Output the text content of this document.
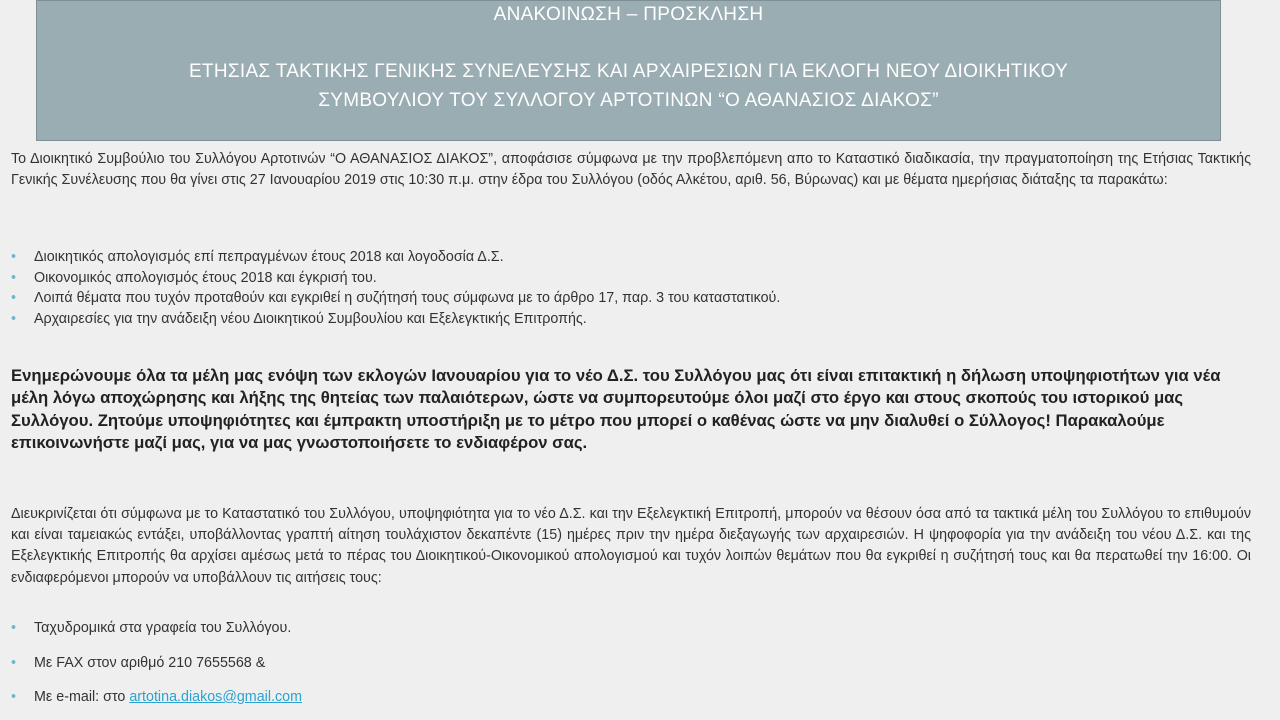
ΑΝΑΚΟΙΝΩΣΗ – ΠΡΟΣΚΛΗΣΗ
ΕΤΗΣΙΑΣ ΤΑΚΤΙΚΗΣ ΓΕΝΙΚΗΣ ΣΥΝΕΛΕΥΣΗΣ ΚΑΙ ΑΡΧΑΙΡΕΣΙΩΝ ΓΙΑ ΕΚΛΟΓΗ ΝΕΟΥ ΔΙΟΙΚΗΤΙΚΟΥ
ΣΥΜΒΟΥΛΙΟΥ ΤΟΥ ΣΥΛΛΟΓΟΥ ΑΡΤΟΤΙΝΩΝ “Ο ΑΘΑΝΑΣΙΟΣ ΔΙΑΚΟΣ”
Το Διοικητικό Συμβούλιο του Συλλόγου Αρτοτινών “Ο ΑΘΑΝΑΣΙΟΣ ΔΙΑΚΟΣ”, αποφάσισε σύμφωνα με την προβλεπόμενη απο το Καταστικό διαδικασία, την πραγματοποίηση της Ετήσιας Τακτικής Γενικής Συνέλευσης που θα γίνει στις 27 Ιανουαρίου 2019 στις 10:30 π.μ. στην έδρα του Συλλόγου (οδός Αλκέτου, αριθ. 56, Βύρωνας) και με θέματα ημερήσιας διάταξης τα παρακάτω:
• Διοικητικός απολογισμός επί πεπραγμένων έτους 2018 και λογοδοσία Δ.Σ.
• Οικονομικός απολογισμός έτους 2018 και έγκρισή του.
• Λοιπά θέματα που τυχόν προταθούν και εγκριθεί η συζήτησή τους σύμφωνα με το άρθρο 17, παρ. 3 του καταστατικού.
• Αρχαιρεσίες για την ανάδειξη νέου Διοικητικού Συμβουλίου και Εξελεγκτικής Επιτροπής.
Ενημερώνουμε όλα τα μέλη μας ενόψη των εκλογών Ιανουαρίου για το νέο Δ.Σ. του Συλλόγου μας ότι είναι επιτακτική η δήλωση υποψηφιοτήτων για νέα μέλη λόγω αποχώρησης και λήξης της θητείας των παλαιότερων, ώστε να συμπορευτούμε όλοι μαζί στο έργο και στους σκοπούς του ιστορικού μας Συλλόγου. Ζητούμε υποψηφιότητες και έμπρακτη υποστήριξη με το μέτρο που μπορεί ο καθένας ώστε να μην διαλυθεί ο Σύλλογος! Παρακαλούμε επικοινωνήστε μαζί μας, για να μας γνωστοποιήσετε το ενδιαφέρον σας.
Διευκρινίζεται ότι σύμφωνα με το Καταστατικό του Συλλόγου, υποψηφιότητα για το νέο Δ.Σ. και την Εξελεγκτική Επιτροπή, μπορούν να θέσουν όσα από τα τακτικά μέλη του Συλλόγου το επιθυμούν και είναι ταμειακώς εντάξει, υποβάλλοντας γραπτή αίτηση τουλάχιστον δεκαπέντε (15) ημέρες πριν την ημέρα διεξαγωγής των αρχαιρεσιών. Η ψηφοφορία για την ανάδειξη του νέου Δ.Σ. και της Εξελεγκτικής Επιτροπής θα αρχίσει αμέσως μετά το πέρας του Διοικητικού-Οικονομικού απολογισμού και τυχόν λοιπών θεμάτων που θα εγκριθεί η συζήτησή τους και θα περατωθεί την 16:00. Οι ενδιαφερόμενοι μπορούν να υποβάλλουν τις αιτήσεις τους:
• Ταχυδρομικά στα γραφεία του Συλλόγου.
• Με FAX στον αριθμό 210 7655568 &
• Με e-mail: στο artotina.diakos@gmail.com
